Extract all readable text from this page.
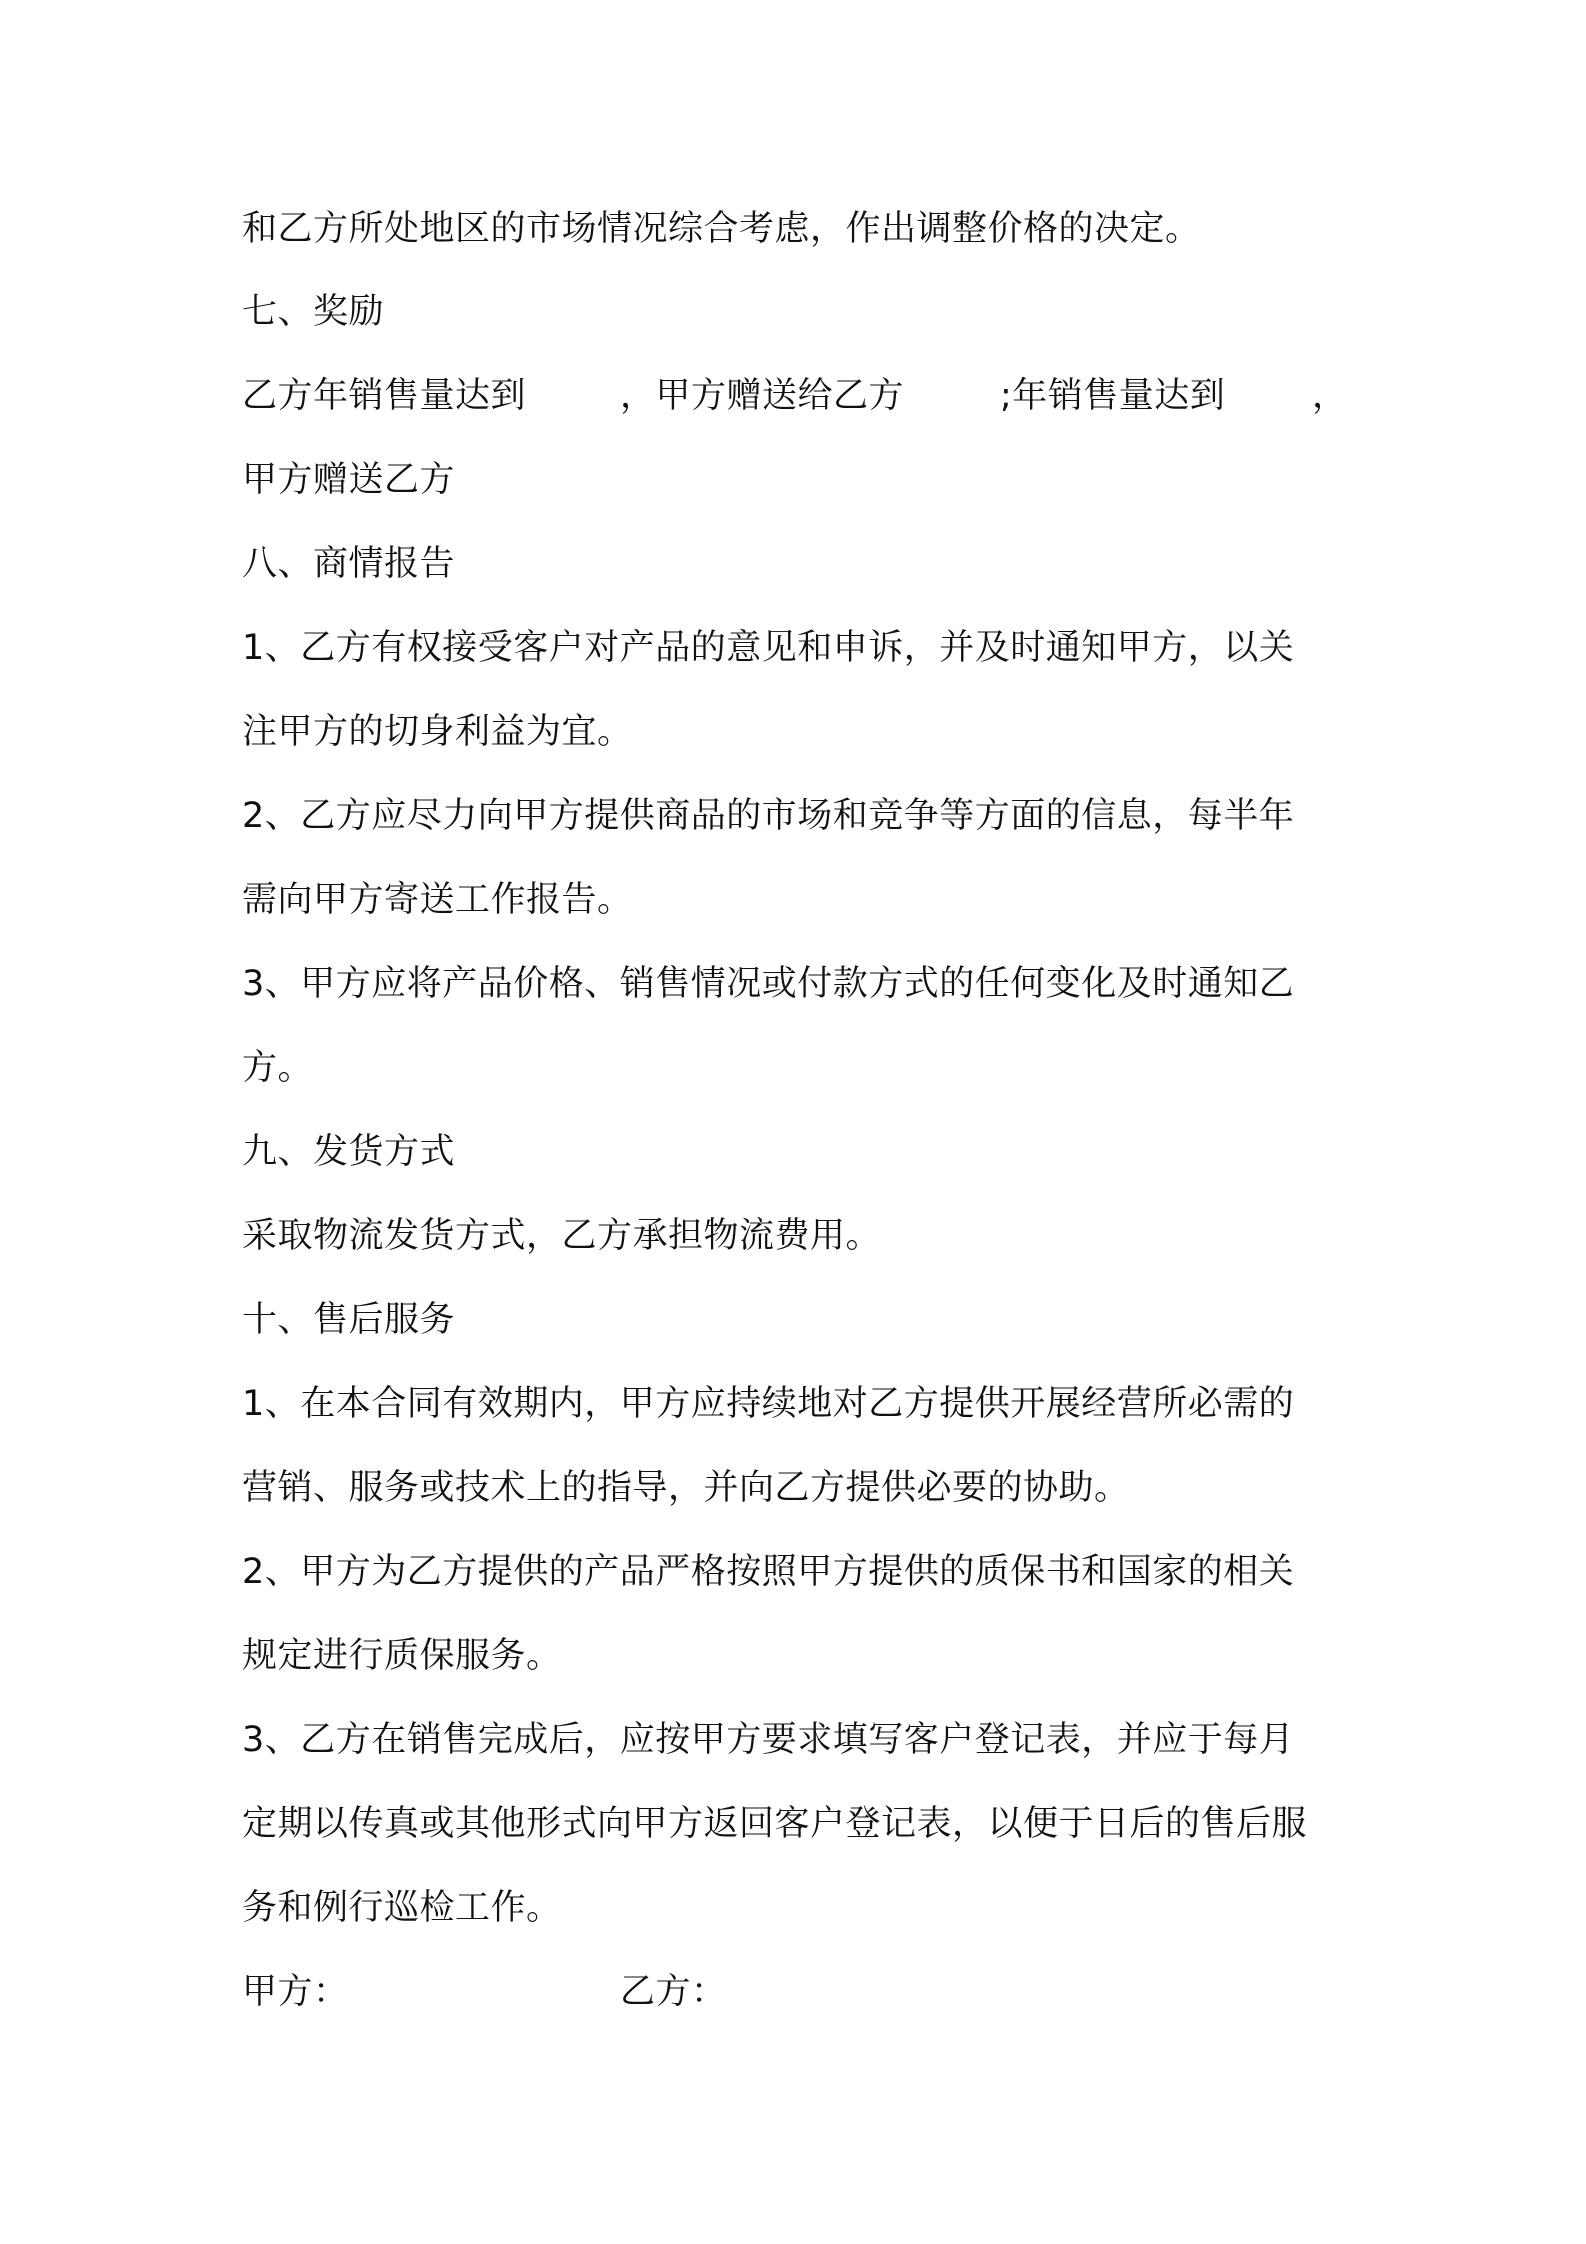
和乙方所处地区的市场情况综合考虑，作出调整价格的决定。
七、奖励
乙方年销售量达到	，甲方赠送给乙方	;年销售量达到 ，
甲方赠送乙方
八、商情报告
1、乙方有权接受客户对产品的意见和申诉，并及时通知甲方，以关
注甲方的切身利益为宜。
2、乙方应尽力向甲方提供商品的市场和竞争等方面的信息，每半年
需向甲方寄送工作报告。
3、甲方应将产品价格、销售情况或付款方式的任何变化及时通知乙
方。
九、发货方式
采取物流发货方式，乙方承担物流费用。
十、售后服务
1、在本合同有效期内，甲方应持续地对乙方提供开展经营所必需的
营销、服务或技术上的指导，并向乙方提供必要的协助。
2、甲方为乙方提供的产品严格按照甲方提供的质保书和国家的相关
规定进行质保服务。
3、乙方在销售完成后，应按甲方要求填写客户登记表，并应于每月
定期以传真或其他形式向甲方返回客户登记表，以便于日后的售后服
务和例行巡检工作。
甲方：	乙方：
